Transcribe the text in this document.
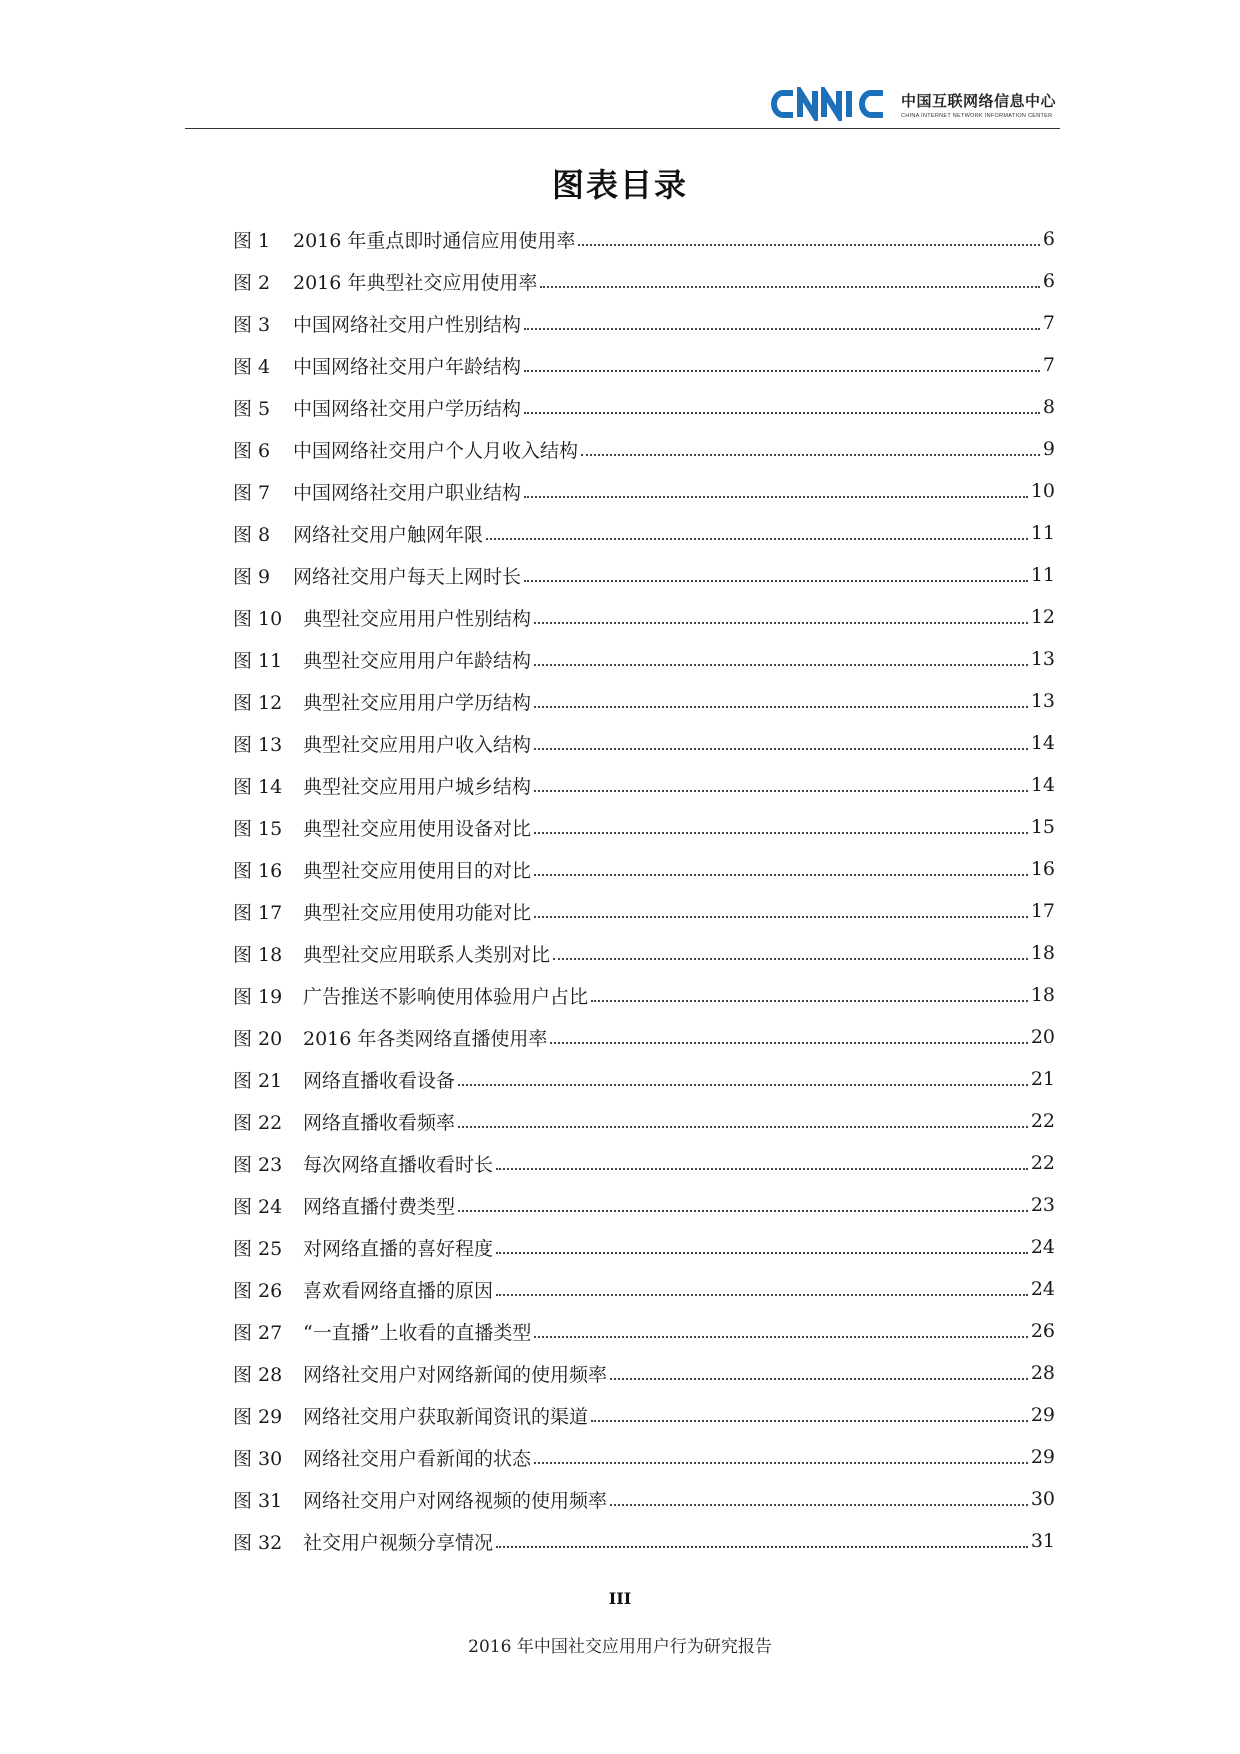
中国互联网络信息中心
CHINA INTERNET NETWORK INFORMATION CENTER
图表目录
图 1	2016 年重点即时通信应用使用率	6
图 2	2016 年典型社交应用使用率	6
图 3	中国网络社交用户性别结构	7
图 4	中国网络社交用户年龄结构	7
图 5	中国网络社交用户学历结构	8
图 6	中国网络社交用户个人月收入结构	9
图 7	中国网络社交用户职业结构	10
图 8	网络社交用户触网年限	11
图 9	网络社交用户每天上网时长	11
图 10	典型社交应用用户性别结构	12
图 11	典型社交应用用户年龄结构	13
图 12	典型社交应用用户学历结构	13
图 13	典型社交应用用户收入结构	14
图 14	典型社交应用用户城乡结构	14
图 15	典型社交应用使用设备对比	15
图 16	典型社交应用使用目的对比	16
图 17	典型社交应用使用功能对比	17
图 18	典型社交应用联系人类别对比	18
图 19	广告推送不影响使用体验用户占比	18
图 20	2016 年各类网络直播使用率	20
图 21	网络直播收看设备	21
图 22	网络直播收看频率	22
图 23	每次网络直播收看时长	22
图 24	网络直播付费类型	23
图 25	对网络直播的喜好程度	24
图 26	喜欢看网络直播的原因	24
图 27	“一直播”上收看的直播类型	26
图 28	网络社交用户对网络新闻的使用频率	28
图 29	网络社交用户获取新闻资讯的渠道	29
图 30	网络社交用户看新闻的状态	29
图 31	网络社交用户对网络视频的使用频率	30
图 32	社交用户视频分享情况	31
III
2016 年中国社交应用用户行为研究报告
